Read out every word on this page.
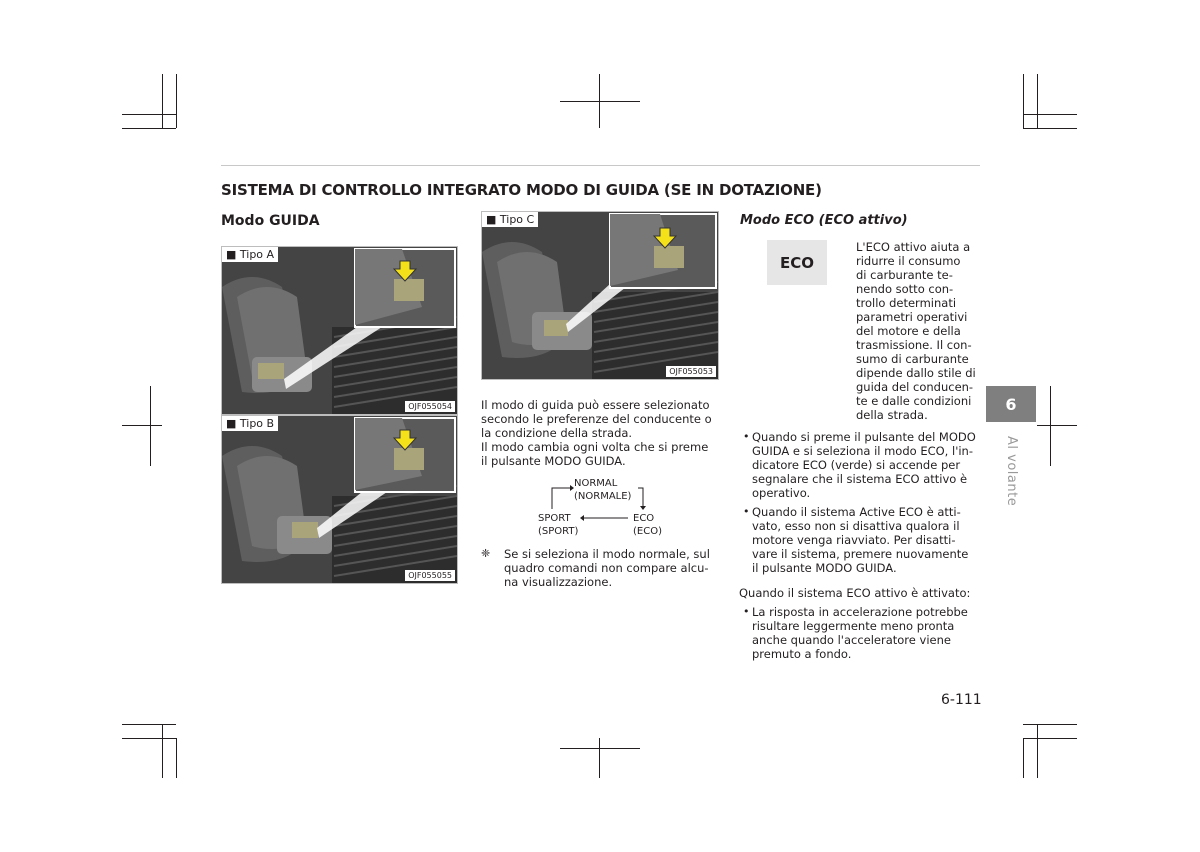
SISTEMA DI CONTROLLO INTEGRATO MODO DI GUIDA (SE IN DOTAZIONE)
Modo GUIDA
■ Tipo A
OJF055054
■ Tipo B
OJF055055
■ Tipo C
OJF055053
Il modo di guida può essere selezionato
secondo le preferenze del conducente o
la condizione della strada.
Il modo cambia ogni volta che si preme
il pulsante MODO GUIDA.
NORMAL
(NORMALE)
SPORT
(SPORT)
ECO
(ECO)
❈ Se si seleziona il modo normale, sul
quadro comandi non compare alcu-
na visualizzazione.
Modo ECO (ECO attivo)
ECO
L'ECO attivo aiuta a
ridurre il consumo
di carburante te-
nendo sotto con-
trollo determinati
parametri operativi
del motore e della
trasmissione. Il con-
sumo di carburante
dipende dallo stile di
guida del conducen-
te e dalle condizioni
della strada.
• Quando si preme il pulsante del MODO
GUIDA e si seleziona il modo ECO, l'in-
dicatore ECO (verde) si accende per
segnalare che il sistema ECO attivo è
operativo.
• Quando il sistema Active ECO è atti-
vato, esso non si disattiva qualora il
motore venga riavviato. Per disatti-
vare il sistema, premere nuovamente
il pulsante MODO GUIDA.
Quando il sistema ECO attivo è attivato:
• La risposta in accelerazione potrebbe
risultare leggermente meno pronta
anche quando l'acceleratore viene
premuto a fondo.
6
Al volante
6-111
